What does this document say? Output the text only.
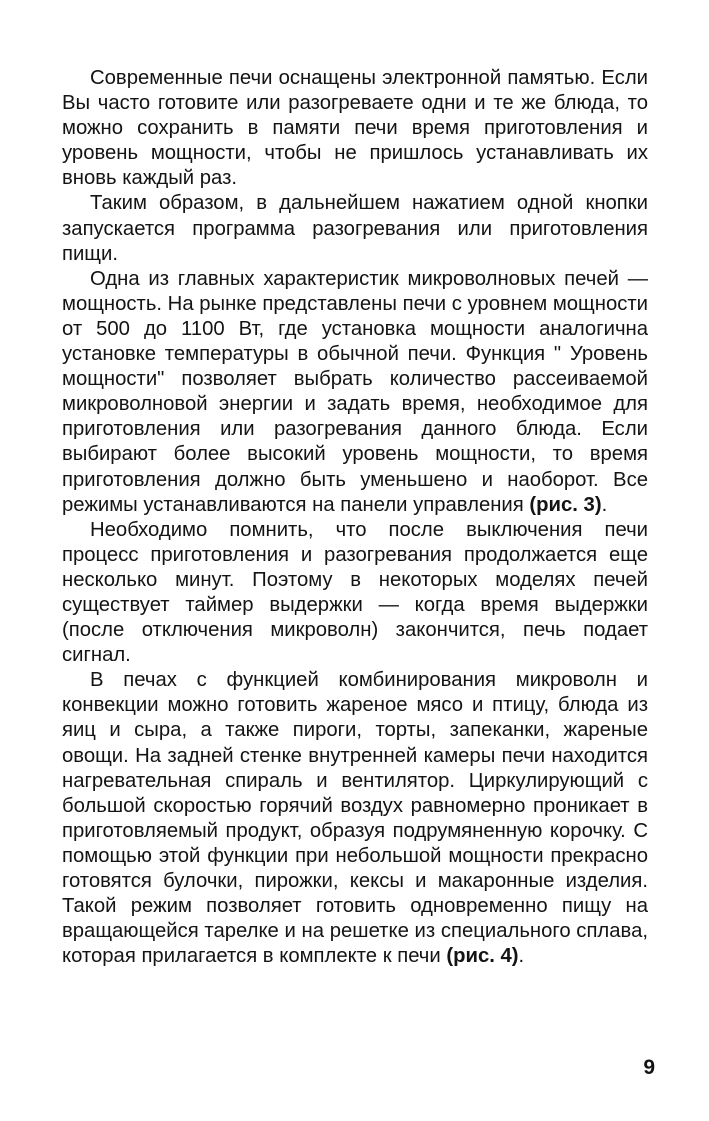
Современные печи оснащены электронной памятью. Если Вы часто готовите или разогреваете одни и те же блюда, то можно сохранить в памяти печи время приготовления и уровень мощности, чтобы не пришлось устанавливать их вновь каждый раз.

Таким образом, в дальнейшем нажатием одной кнопки запускается программа разогревания или приготовления пищи.

Одна из главных характеристик микроволновых печей — мощность. На рынке представлены печи с уровнем мощности от 500 до 1100 Вт, где установка мощности аналогична установке температуры в обычной печи. Функция " Уровень мощности" позволяет выбрать количество рассеиваемой микроволновой энергии и задать время, необходимое для приготовления или разогревания данного блюда. Если выбирают более высокий уровень мощности, то время приготовления должно быть уменьшено и наоборот. Все режимы устанавливаются на панели управления (рис. 3).

Необходимо помнить, что после выключения печи процесс приготовления и разогревания продолжается еще несколько минут. Поэтому в некоторых моделях печей существует таймер выдержки — когда время выдержки (после отключения микроволн) закончится, печь подает сигнал.

В печах с функцией комбинирования микроволн и конвекции можно готовить жареное мясо и птицу, блюда из яиц и сыра, а также пироги, торты, запеканки, жареные овощи. На задней стенке внутренней камеры печи находится нагревательная спираль и вентилятор. Циркулирующий с большой скоростью горячий воздух равномерно проникает в приготовляемый продукт, образуя подрумяненную корочку. С помощью этой функции при небольшой мощности прекрасно готовятся булочки, пирожки, кексы и макаронные изделия. Такой режим позволяет готовить одновременно пищу на вращающейся тарелке и на решетке из специального сплава, которая прилагается в комплекте к печи (рис. 4).

9
